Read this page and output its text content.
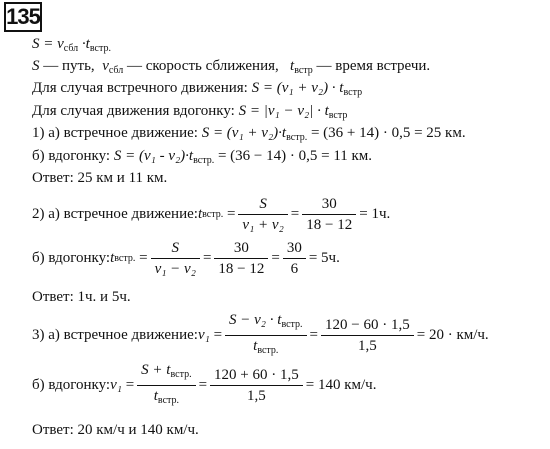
135
$S = v_{сбл} \cdot t_{встр.}$
S — путь, $v_{сбл}$ — скорость сближения, $t_{встр}$ — время встречи.
Для случая встречного движения: $S = (v_1 + v_2) \cdot t_{встр}$
Для случая движения вдогонку: $S = |v_1 - v_2| \cdot t_{встр}$
1) а) встречное движение: $S = (v_1 + v_2)\cdot t_{встр.} = (36 + 14) \cdot 0,5 = 25$ км.
б) вдогонку: $S = (v_1 - v_2)\cdot t_{встр.} = (36 - 14) \cdot 0,5 = 11$ км.
Ответ: 25 км и 11 км.
2) а) встречное движение: t встр. = $\frac{S}{\text{v₁ + v₂}} = \frac{30}{18 - 12} = 1ч$.
б) вдогонку: t встр. = $\frac{S}{\text{v₁ − v₂}} = \frac{30}{18 - 12} = \frac{30}{6} = 5ч$.
Ответ: 1ч. и 5ч.
3) а) встречное движение: $v_1 = \frac{S - v_2 \cdot t_{встр.}}{t_{встр.}} = \frac{120 - 60 \cdot 1,5}{1,5} = 20 \cdot км/ч$.
б) вдогонку: $v_1 = \frac{S + t_{встр.}}{t_{встр.}} = \frac{120 + 60 \cdot 1,5}{1,5} = 140$ км/ч.
Ответ: 20 км/ч и 140 км/ч.
